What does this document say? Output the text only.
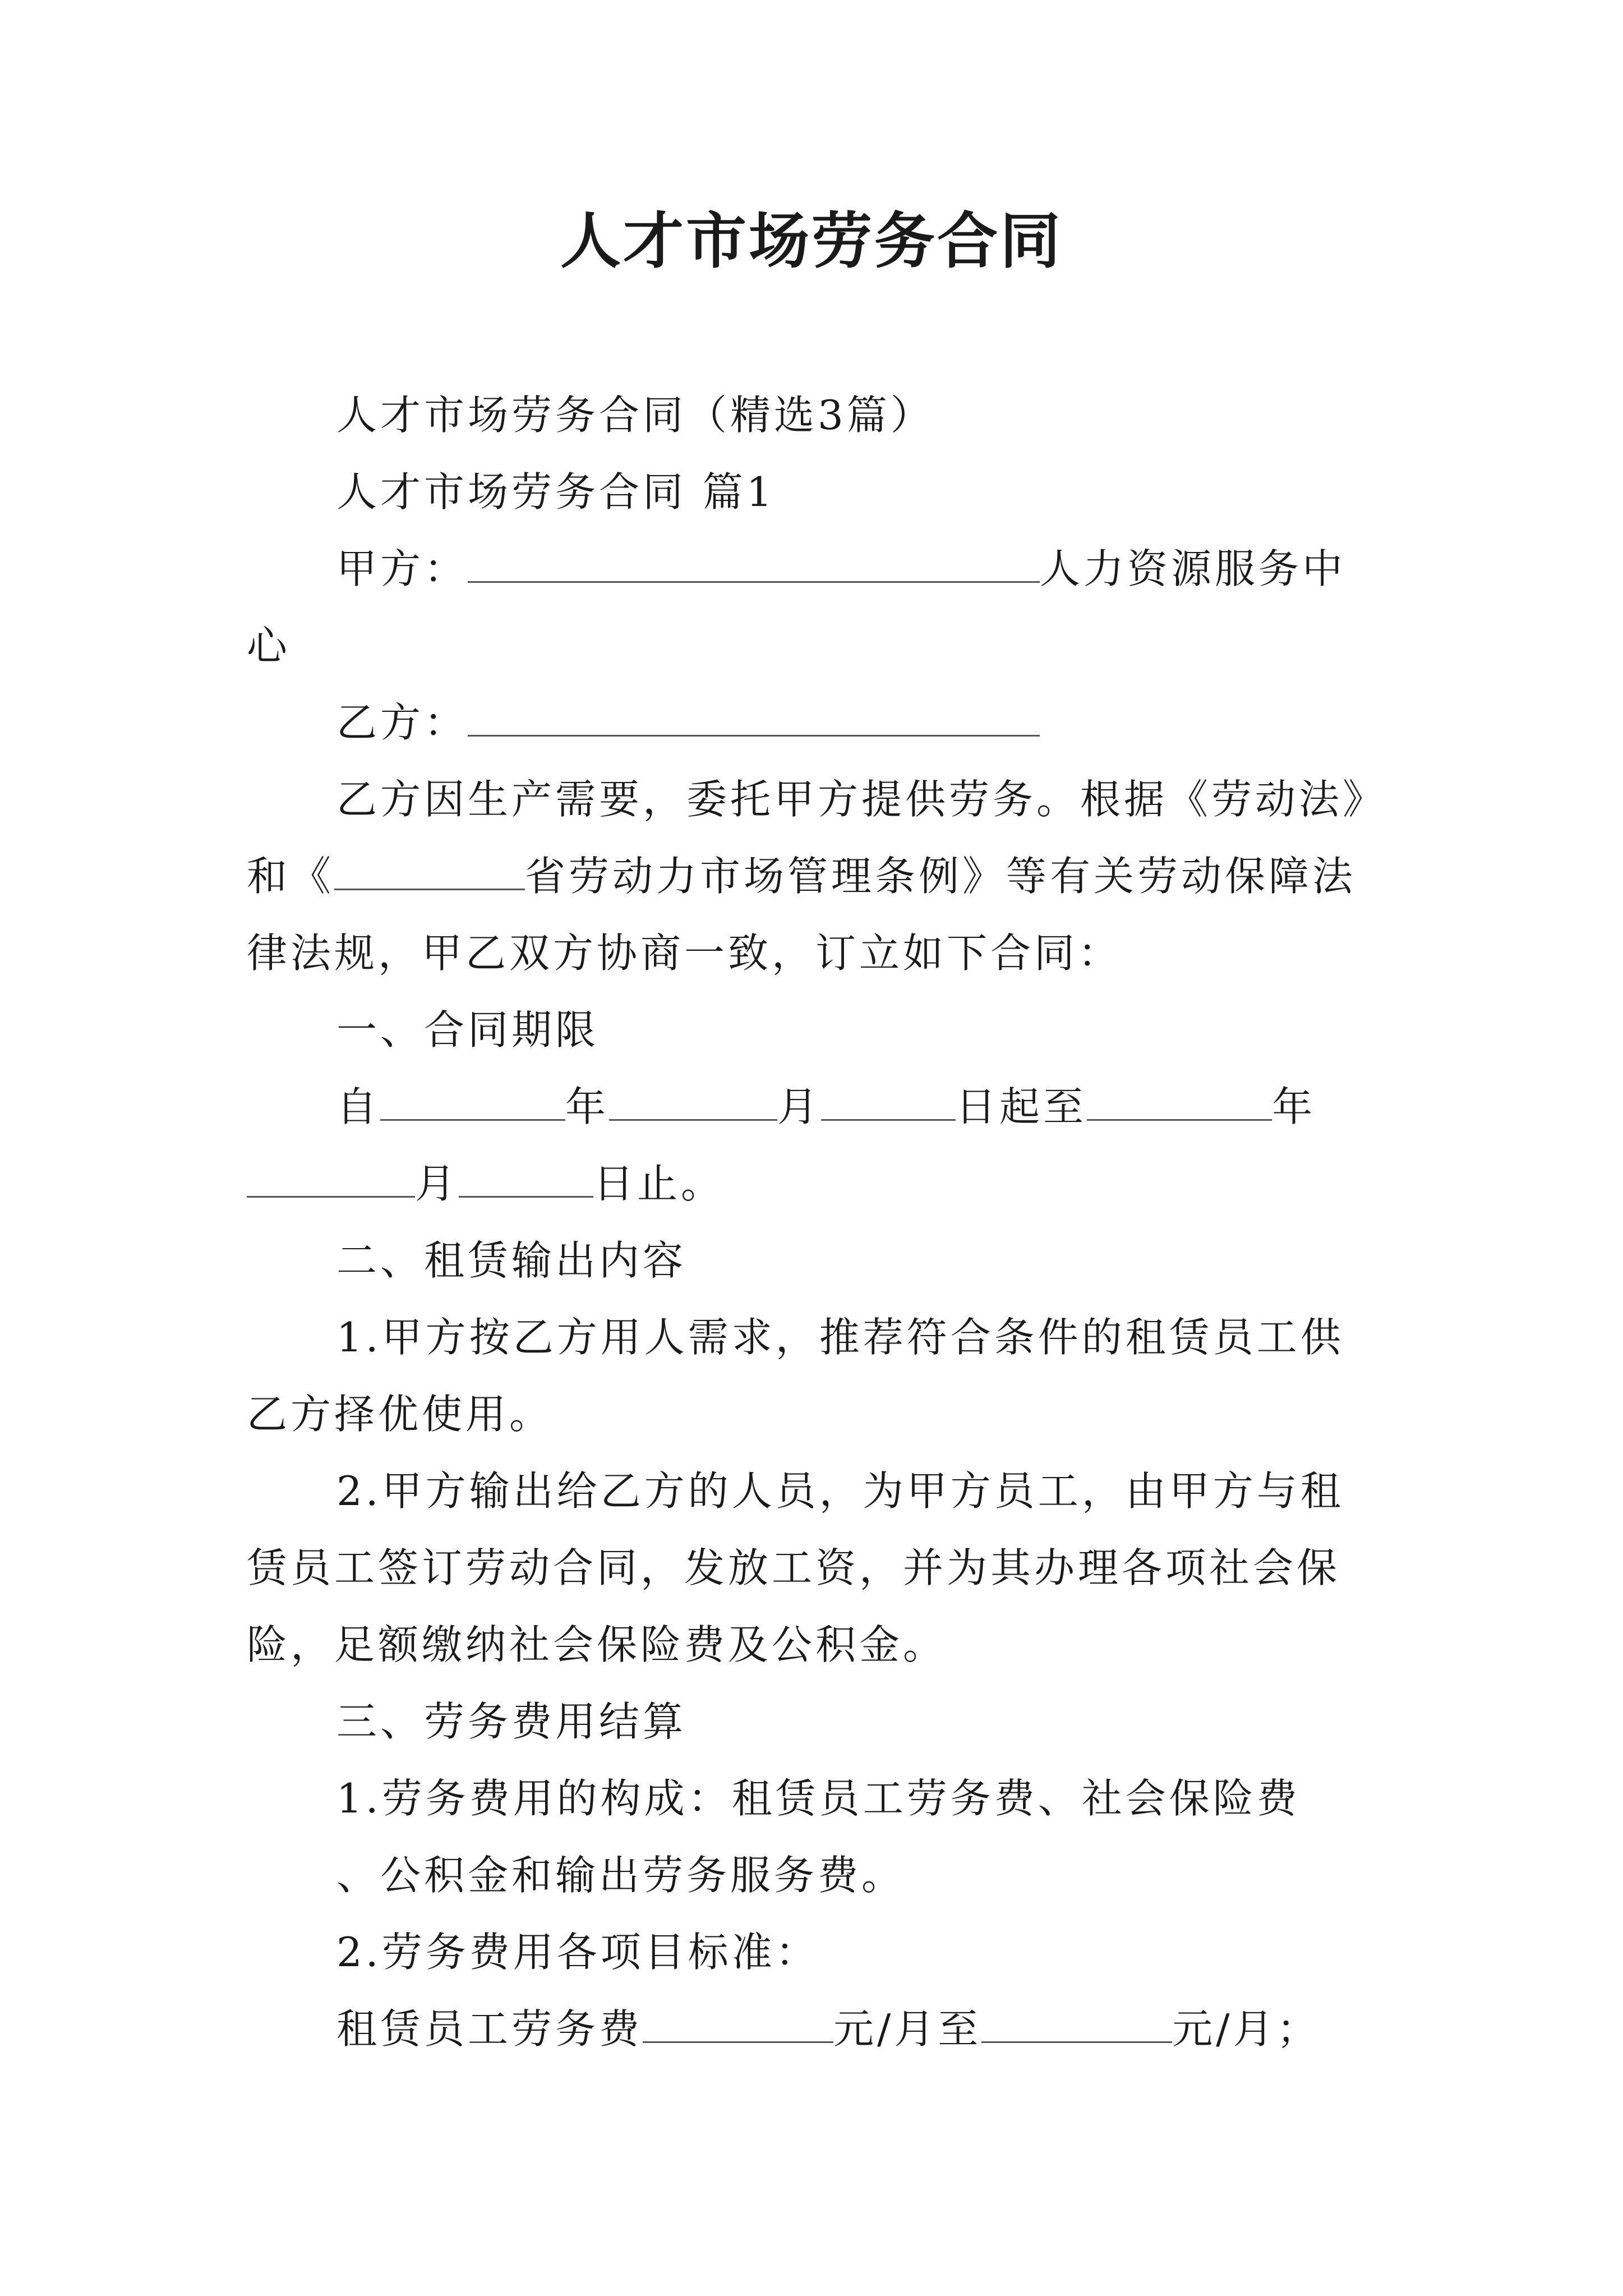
人才市场劳务合同

人才市场劳务合同（精选3篇）

人才市场劳务合同 篇1

甲方：	人力资源服务中心

乙方：

乙方因生产需要，委托甲方提供劳务。根据《劳动法》和《	省劳动力市场管理条例》等有关劳动保障法律法规，甲乙双方协商一致，订立如下合同：

一、合同期限

自	年	月	日起至	年月	日止。

二、租赁输出内容

1.甲方按乙方用人需求，推荐符合条件的租赁员工供乙方择优使用。

2.甲方输出给乙方的人员，为甲方员工，由甲方与租赁员工签订劳动合同，发放工资，并为其办理各项社会保险，足额缴纳社会保险费及公积金。

三、劳务费用结算

1.劳务费用的构成：租赁员工劳务费、社会保险费

、公积金和输出劳务服务费。

2.劳务费用各项目标准：

租赁员工劳务费	元/月至	元/月；
